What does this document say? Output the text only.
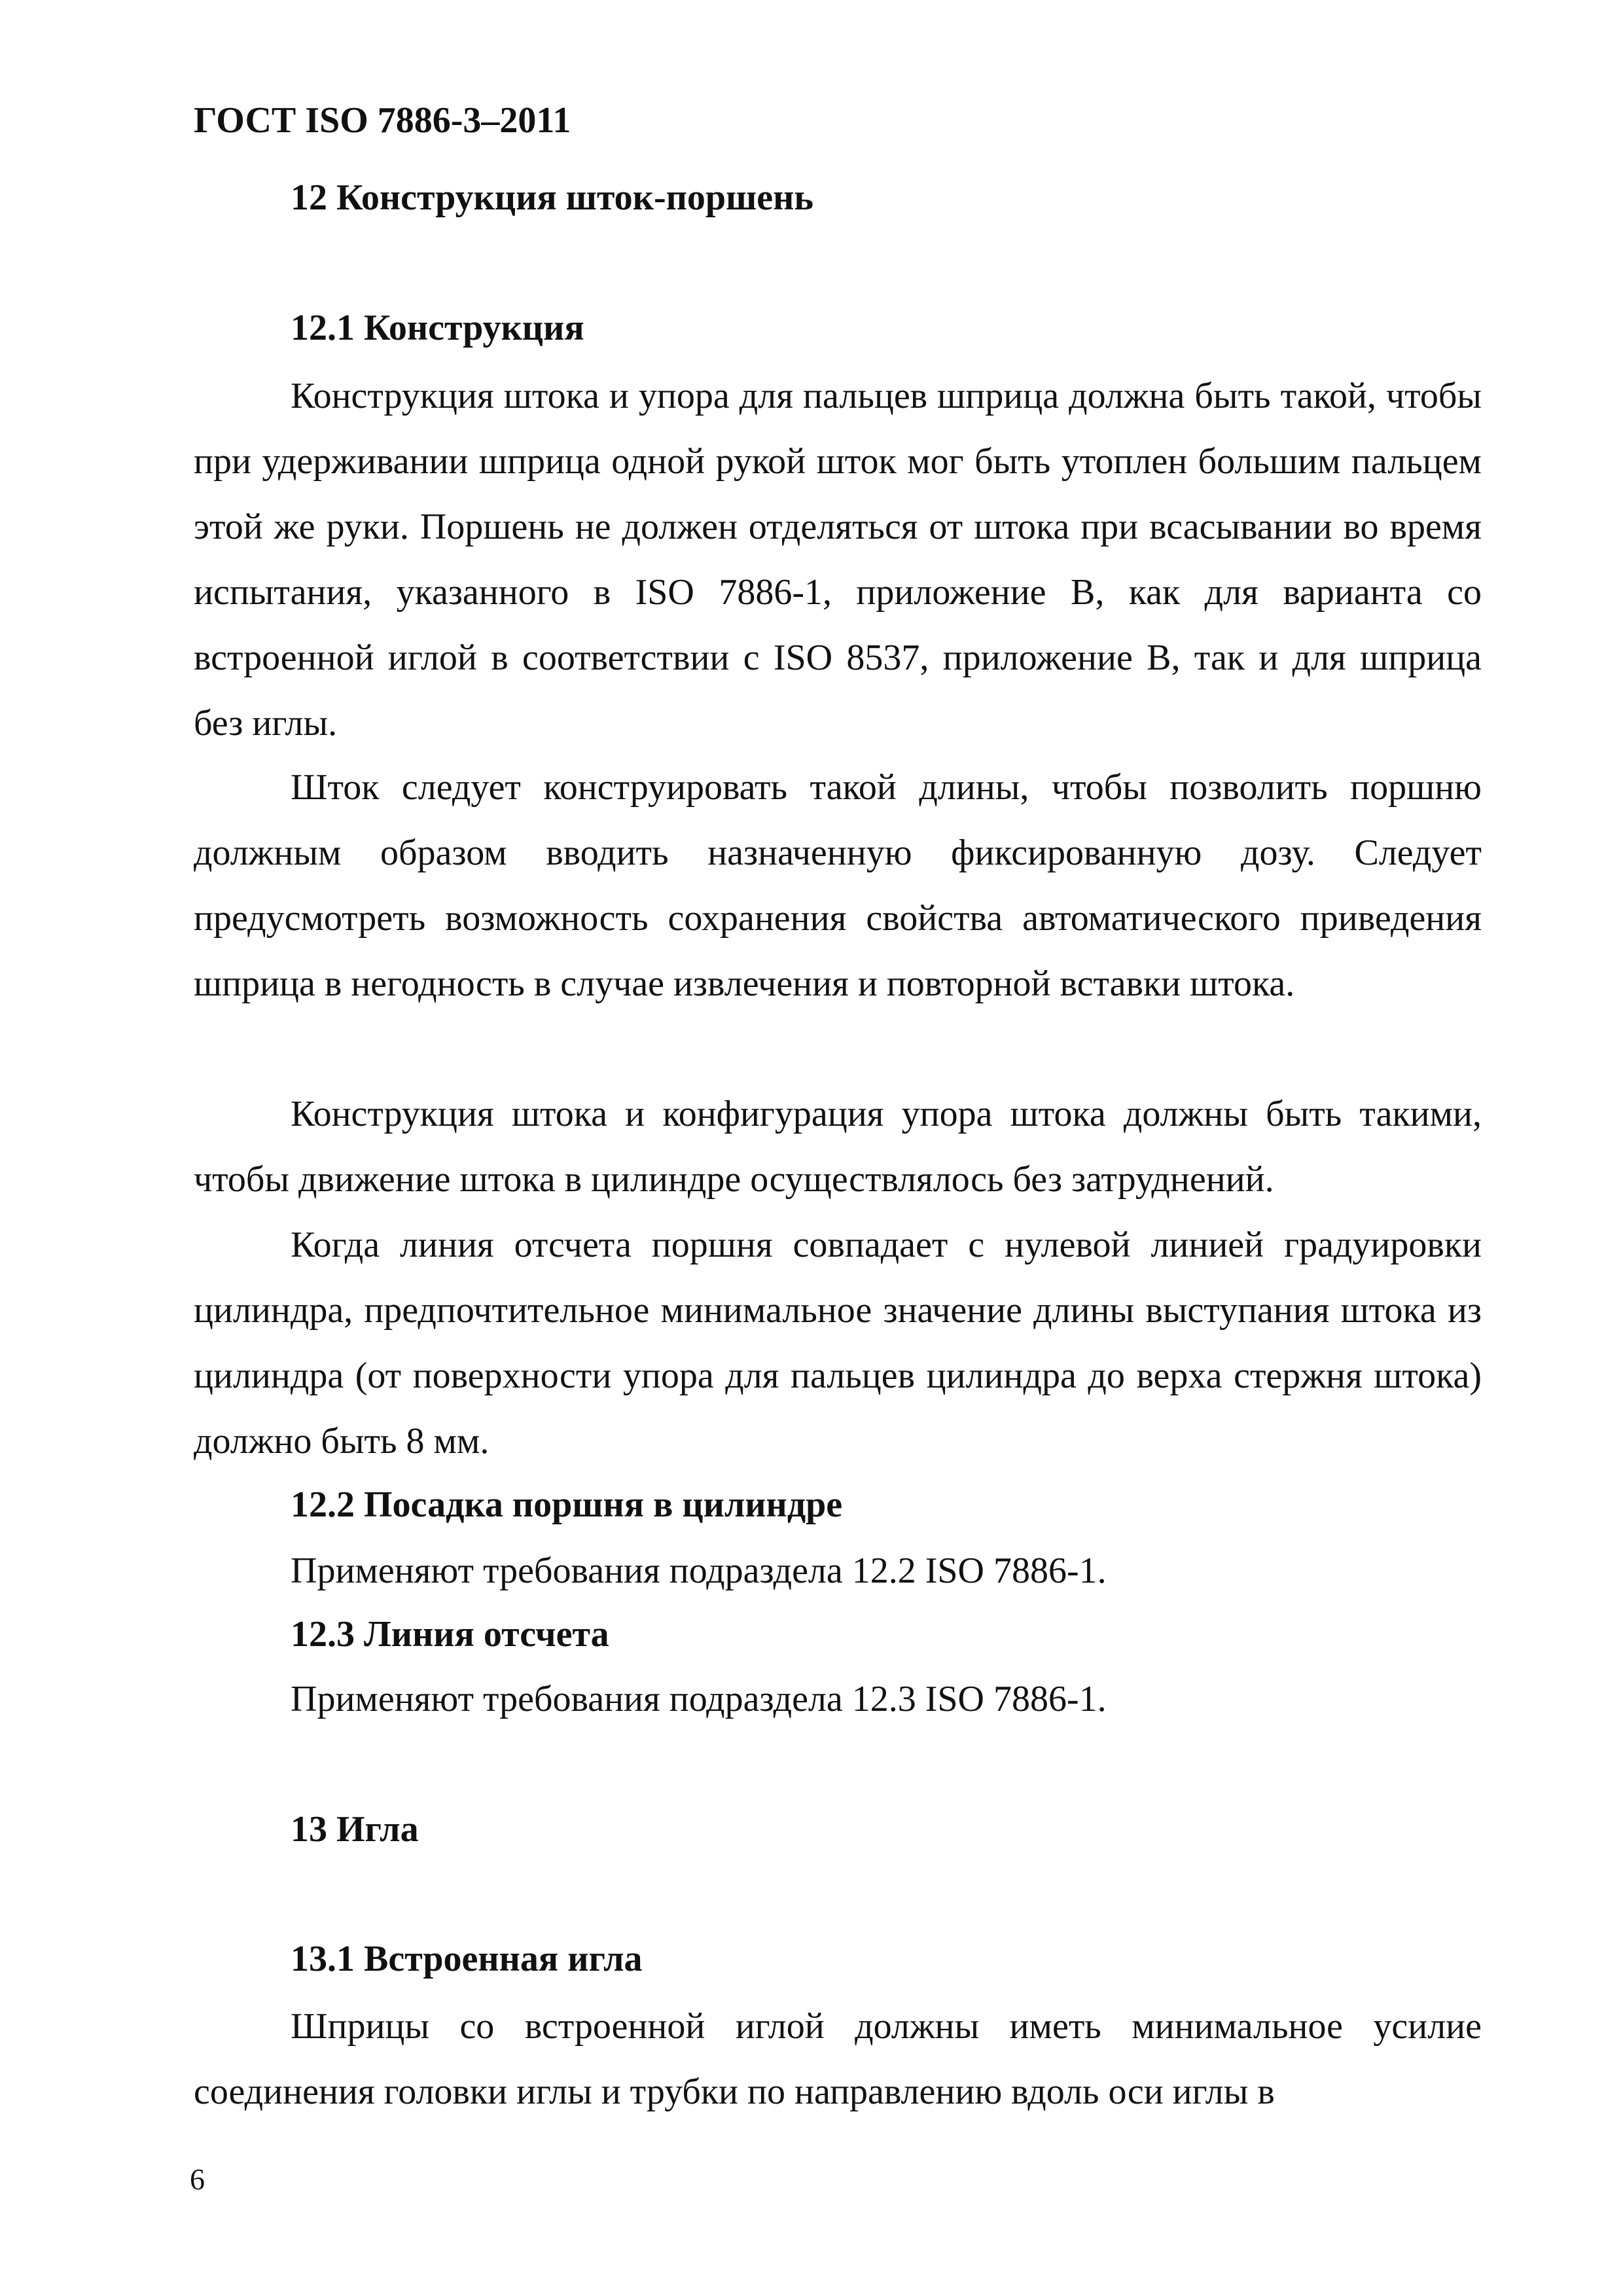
ГОСТ ISO 7886-3–2011
12 Конструкция шток-поршень
12.1 Конструкция
Конструкция штока и упора для пальцев шприца должна быть такой, чтобы при удерживании шприца одной рукой шток мог быть утоплен большим пальцем этой же руки. Поршень не должен отделяться от штока при всасывании во время испытания, указанного в ISO 7886-1, приложение В, как для варианта со встроенной иглой в соответствии с ISO 8537, приложение В, так и для шприца без иглы.
Шток следует конструировать такой длины, чтобы позволить поршню должным образом вводить назначенную фиксированную дозу. Следует предусмотреть возможность сохранения свойства автоматического приведения шприца в негодность в случае извлечения и повторной вставки штока.
Конструкция штока и конфигурация упора штока должны быть такими, чтобы движение штока в цилиндре осуществлялось без затруднений.
Когда линия отсчета поршня совпадает с нулевой линией градуировки цилиндра, предпочтительное минимальное значение длины выступания штока из цилиндра (от поверхности упора для пальцев цилиндра до верха стержня штока) должно быть 8 мм.
12.2 Посадка поршня в цилиндре
Применяют требования подраздела 12.2 ISO 7886-1.
12.3 Линия отсчета
Применяют требования подраздела 12.3 ISO 7886-1.
13 Игла
13.1 Встроенная игла
Шприцы со встроенной иглой должны иметь минимальное усилие соединения головки иглы и трубки по направлению вдоль оси иглы в
6
